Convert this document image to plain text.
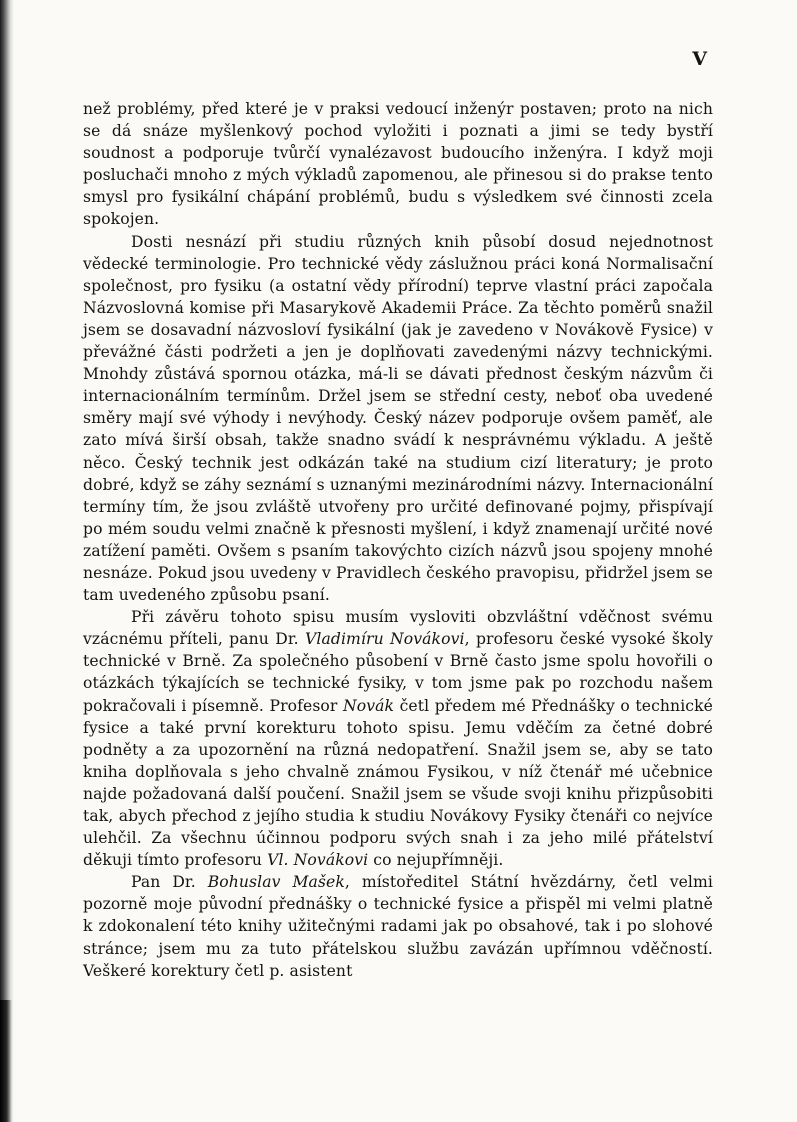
V

než problémy, před které je v praksi vedoucí inženýr postaven; proto na nich se dá snáze myšlenkový pochod vyložiti i poznati a jimi se tedy bystří soudnost a podporuje tvůrčí vynalézavost budoucího inženýra. I když moji posluchači mnoho z mých výkladů zapomenou, ale přinesou si do prakse tento smysl pro fysikální chápání problémů, budu s výsledkem své činnosti zcela spokojen.

Dosti nesnází při studiu různých knih působí dosud nejednotnost vědecké terminologie. Pro technické vědy záslužnou práci koná Normalisační společnost, pro fysiku (a ostatní vědy přírodní) teprve vlastní práci započala Názvoslovná komise při Masarykově Akademii Práce. Za těchto poměrů snažil jsem se dosavadní názvosloví fysikální (jak je zavedeno v Novákově Fysice) v převážné části podržeti a jen je doplňovati zavedenými názvy technickými. Mnohdy zůstává spornou otázka, má-li se dávati přednost českým názvům či internacionálním termínům. Držel jsem se střední cesty, neboť oba uvedené směry mají své výhody i nevýhody. Český název podporuje ovšem paměť, ale zato mívá širší obsah, takže snadno svádí k nesprávnému výkladu. A ještě něco. Český technik jest odkázán také na studium cizí literatury; je proto dobré, když se záhy seznámí s uznanými mezinárodními názvy. Internacionální termíny tím, že jsou zvláště utvořeny pro určité definované pojmy, přispívají po mém soudu velmi značně k přesnosti myšlení, i když znamenají určité nové zatížení paměti. Ovšem s psaním takovýchto cizích názvů jsou spojeny mnohé nesnáze. Pokud jsou uvedeny v Pravidlech českého pravopisu, přidržel jsem se tam uvedeného způsobu psaní.

Při závěru tohoto spisu musím vysloviti obzvláštní vděčnost svému vzácnému příteli, panu Dr. Vladimíru Novákovi, profesoru české vysoké školy technické v Brně. Za společného působení v Brně často jsme spolu hovořili o otázkách týkajících se technické fysiky, v tom jsme pak po rozchodu našem pokračovali i písemně. Profesor Novák četl předem mé Přednášky o technické fysice a také první korekturu tohoto spisu. Jemu vděčím za četné dobré podněty a za upozornění na různá nedopatření. Snažil jsem se, aby se tato kniha doplňovala s jeho chvalně známou Fysikou, v níž čtenář mé učebnice najde požadovaná další poučení. Snažil jsem se všude svoji knihu přizpůsobiti tak, abych přechod z jejího studia k studiu Novákovy Fysiky čtenáři co nejvíce ulehčil. Za všechnu účinnou podporu svých snah i za jeho milé přátelství děkuji tímto profesoru Vl. Novákovi co nejupřímněji.

Pan Dr. Bohuslav Mašek, místoředitel Státní hvězdárny, četl velmi pozorně moje původní přednášky o technické fysice a přispěl mi velmi platně k zdokonalení této knihy užitečnými radami jak po obsahové, tak i po slohové stránce; jsem mu za tuto přátelskou službu zavázán upřímnou vděčností. Veškeré korektury četl p. asistent
